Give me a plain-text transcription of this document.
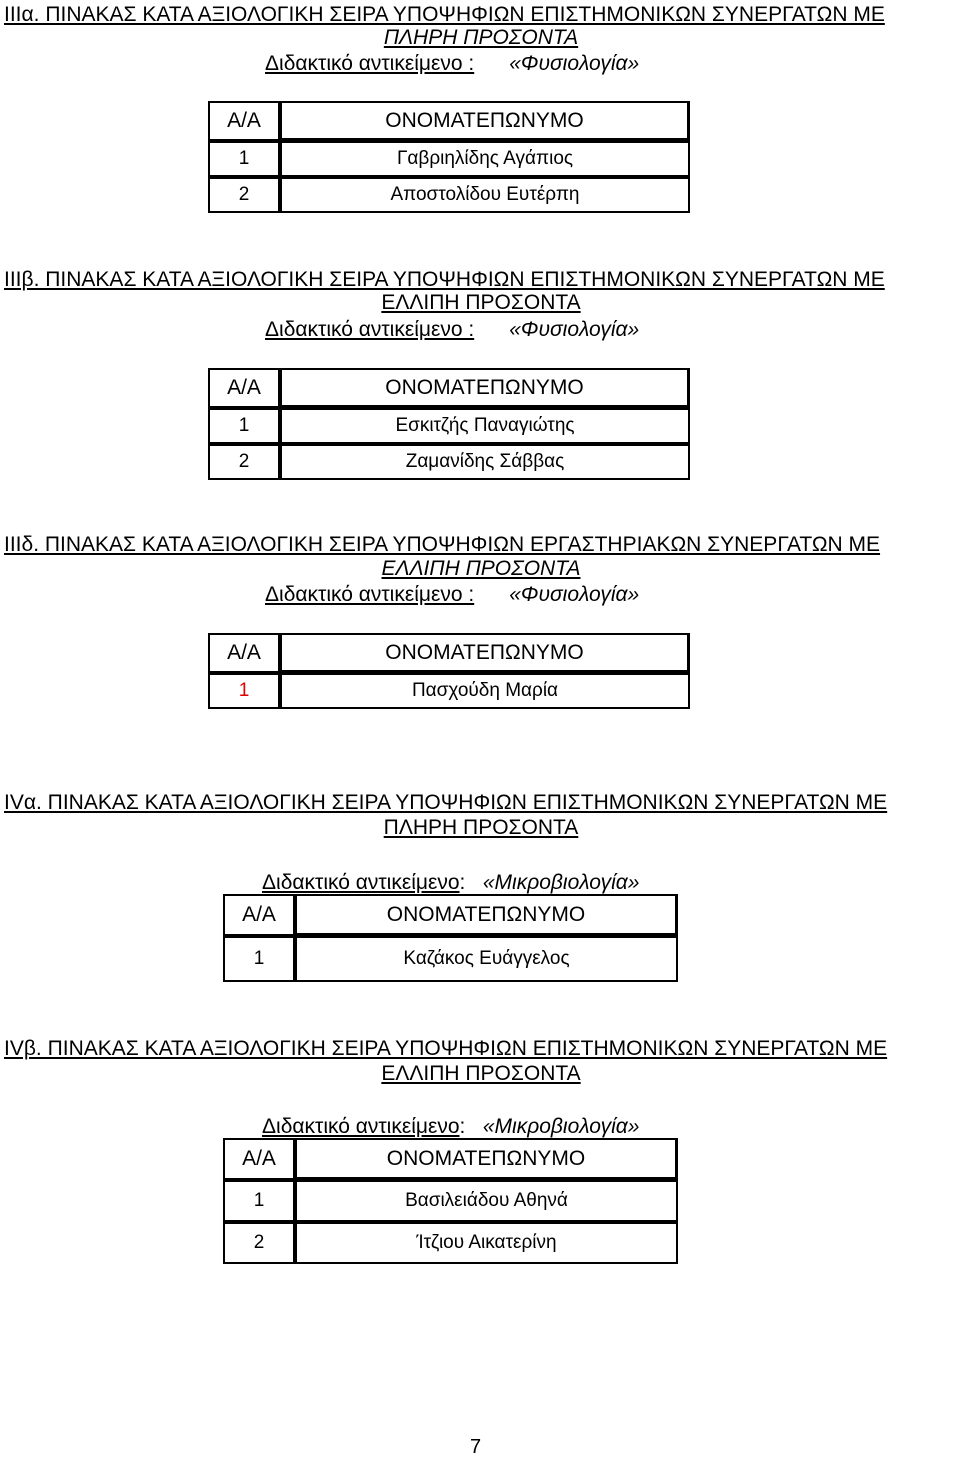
IIIα. ΠΙΝΑΚΑΣ ΚΑΤΑ ΑΞΙΟΛΟΓΙΚΗ ΣΕΙΡΑ ΥΠΟΨΗΦΙΩΝ ΕΠΙΣΤΗΜΟΝΙΚΩΝ ΣΥΝΕΡΓΑΤΩΝ ΜΕ
ΠΛΗΡΗ ΠΡΟΣΟΝΤΑ
Διδακτικό αντικείμενο : «Φυσιολογία»
Α/Α	ΟΝΟΜΑΤΕΠΩΝΥΜΟ
1	Γαβριηλίδης Αγάπιος
2	Αποστολίδου Ευτέρπη
IIIβ. ΠΙΝΑΚΑΣ ΚΑΤΑ ΑΞΙΟΛΟΓΙΚΗ ΣΕΙΡΑ ΥΠΟΨΗΦΙΩΝ ΕΠΙΣΤΗΜΟΝΙΚΩΝ ΣΥΝΕΡΓΑΤΩΝ ΜΕ
ΕΛΛΙΠΗ ΠΡΟΣΟΝΤΑ
Διδακτικό αντικείμενο : «Φυσιολογία»
Α/Α	ΟΝΟΜΑΤΕΠΩΝΥΜΟ
1	Εσκιτζής Παναγιώτης
2	Ζαμανίδης Σάββας
IIIδ. ΠΙΝΑΚΑΣ ΚΑΤΑ ΑΞΙΟΛΟΓΙΚΗ ΣΕΙΡΑ ΥΠΟΨΗΦΙΩΝ ΕΡΓΑΣΤΗΡΙΑΚΩΝ ΣΥΝΕΡΓΑΤΩΝ ΜΕ
ΕΛΛΙΠΗ ΠΡΟΣΟΝΤΑ
Διδακτικό αντικείμενο : «Φυσιολογία»
Α/Α	ΟΝΟΜΑΤΕΠΩΝΥΜΟ
1	Πασχούδη Μαρία
IVα. ΠΙΝΑΚΑΣ ΚΑΤΑ ΑΞΙΟΛΟΓΙΚΗ ΣΕΙΡΑ ΥΠΟΨΗΦΙΩΝ ΕΠΙΣΤΗΜΟΝΙΚΩΝ ΣΥΝΕΡΓΑΤΩΝ ΜΕ
ΠΛΗΡΗ ΠΡΟΣΟΝΤΑ
Διδακτικό αντικείμενο: «Μικροβιολογία»
Α/Α	ΟΝΟΜΑΤΕΠΩΝΥΜΟ
1	Καζάκος Ευάγγελος
IVβ. ΠΙΝΑΚΑΣ ΚΑΤΑ ΑΞΙΟΛΟΓΙΚΗ ΣΕΙΡΑ ΥΠΟΨΗΦΙΩΝ ΕΠΙΣΤΗΜΟΝΙΚΩΝ ΣΥΝΕΡΓΑΤΩΝ ΜΕ
ΕΛΛΙΠΗ ΠΡΟΣΟΝΤΑ
Διδακτικό αντικείμενο: «Μικροβιολογία»
Α/Α	ΟΝΟΜΑΤΕΠΩΝΥΜΟ
1	Βασιλειάδου Αθηνά
2	Ίτζιου Αικατερίνη
7
